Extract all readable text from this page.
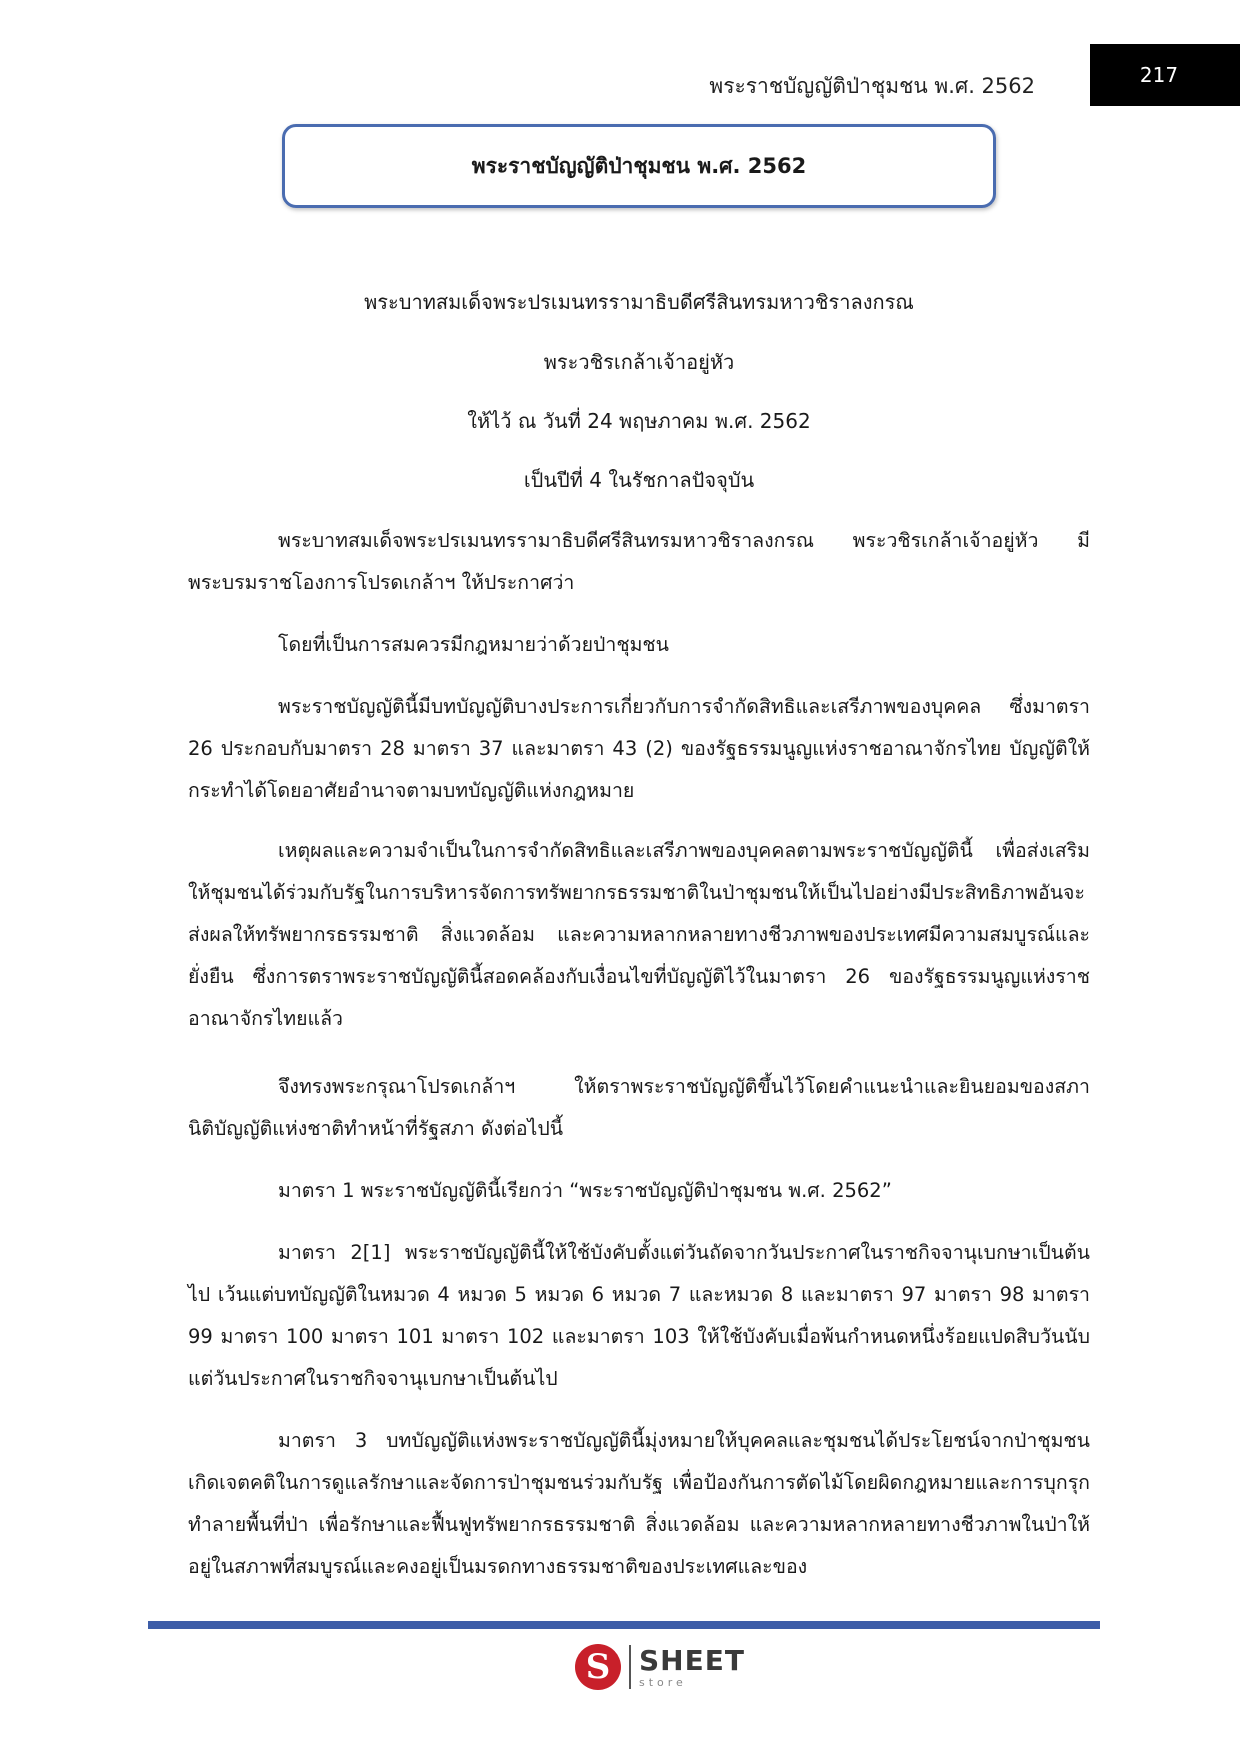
พระราชบัญญัติป่าชุมชน พ.ศ. 2562	217
พระราชบัญญัติป่าชุมชน พ.ศ. 2562
พระบาทสมเด็จพระปรเมนทรรามาธิบดีศรีสินทรมหาวชิราลงกรณ
พระวชิรเกล้าเจ้าอยู่หัว
ให้ไว้ ณ วันที่ 24 พฤษภาคม พ.ศ. 2562
เป็นปีที่ 4 ในรัชกาลปัจจุบัน

พระบาทสมเด็จพระปรเมนทรรามาธิบดีศรีสินทรมหาวชิราลงกรณ พระวชิรเกล้าเจ้าอยู่หัว มีพระบรมราชโองการโปรดเกล้าฯ ให้ประกาศว่า

โดยที่เป็นการสมควรมีกฎหมายว่าด้วยป่าชุมชน

พระราชบัญญัตินี้มีบทบัญญัติบางประการเกี่ยวกับการจำกัดสิทธิและเสรีภาพของบุคคล ซึ่งมาตรา 26 ประกอบกับมาตรา 28 มาตรา 37 และมาตรา 43 (2) ของรัฐธรรมนูญแห่งราชอาณาจักรไทย บัญญัติให้กระทำได้โดยอาศัยอำนาจตามบทบัญญัติแห่งกฎหมาย

เหตุผลและความจำเป็นในการจำกัดสิทธิและเสรีภาพของบุคคลตามพระราชบัญญัตินี้ เพื่อส่งเสริมให้ชุมชนได้ร่วมกับรัฐในการบริหารจัดการทรัพยากรธรรมชาติในป่าชุมชนให้เป็นไปอย่างมีประสิทธิภาพอันจะส่งผลให้ทรัพยากรธรรมชาติ สิ่งแวดล้อม และความหลากหลายทางชีวภาพของประเทศมีความสมบูรณ์และยั่งยืน ซึ่งการตราพระราชบัญญัตินี้สอดคล้องกับเงื่อนไขที่บัญญัติไว้ในมาตรา 26 ของรัฐธรรมนูญแห่งราชอาณาจักรไทยแล้ว

จึงทรงพระกรุณาโปรดเกล้าฯ ให้ตราพระราชบัญญัติขึ้นไว้โดยคำแนะนำและยินยอมของสภานิติบัญญัติแห่งชาติทำหน้าที่รัฐสภา ดังต่อไปนี้

มาตรา 1 พระราชบัญญัตินี้เรียกว่า “พระราชบัญญัติป่าชุมชน พ.ศ. 2562”

มาตรา 2[1] พระราชบัญญัตินี้ให้ใช้บังคับตั้งแต่วันถัดจากวันประกาศในราชกิจจานุเบกษาเป็นต้นไป เว้นแต่บทบัญญัติในหมวด 4 หมวด 5 หมวด 6 หมวด 7 และหมวด 8 และมาตรา 97 มาตรา 98 มาตรา 99 มาตรา 100 มาตรา 101 มาตรา 102 และมาตรา 103 ให้ใช้บังคับเมื่อพ้นกำหนดหนึ่งร้อยแปดสิบวันนับแต่วันประกาศในราชกิจจานุเบกษาเป็นต้นไป

มาตรา 3 บทบัญญัติแห่งพระราชบัญญัตินี้มุ่งหมายให้บุคคลและชุมชนได้ประโยชน์จากป่าชุมชน เกิดเจตคติในการดูแลรักษาและจัดการป่าชุมชนร่วมกับรัฐ เพื่อป้องกันการตัดไม้โดยผิดกฎหมายและการบุกรุกทำลายพื้นที่ป่า เพื่อรักษาและฟื้นฟูทรัพยากรธรรมชาติ สิ่งแวดล้อม และความหลากหลายทางชีวภาพในป่าให้อยู่ในสภาพที่สมบูรณ์และคงอยู่เป็นมรดกทางธรรมชาติของประเทศและของ

S	SHEET
store
